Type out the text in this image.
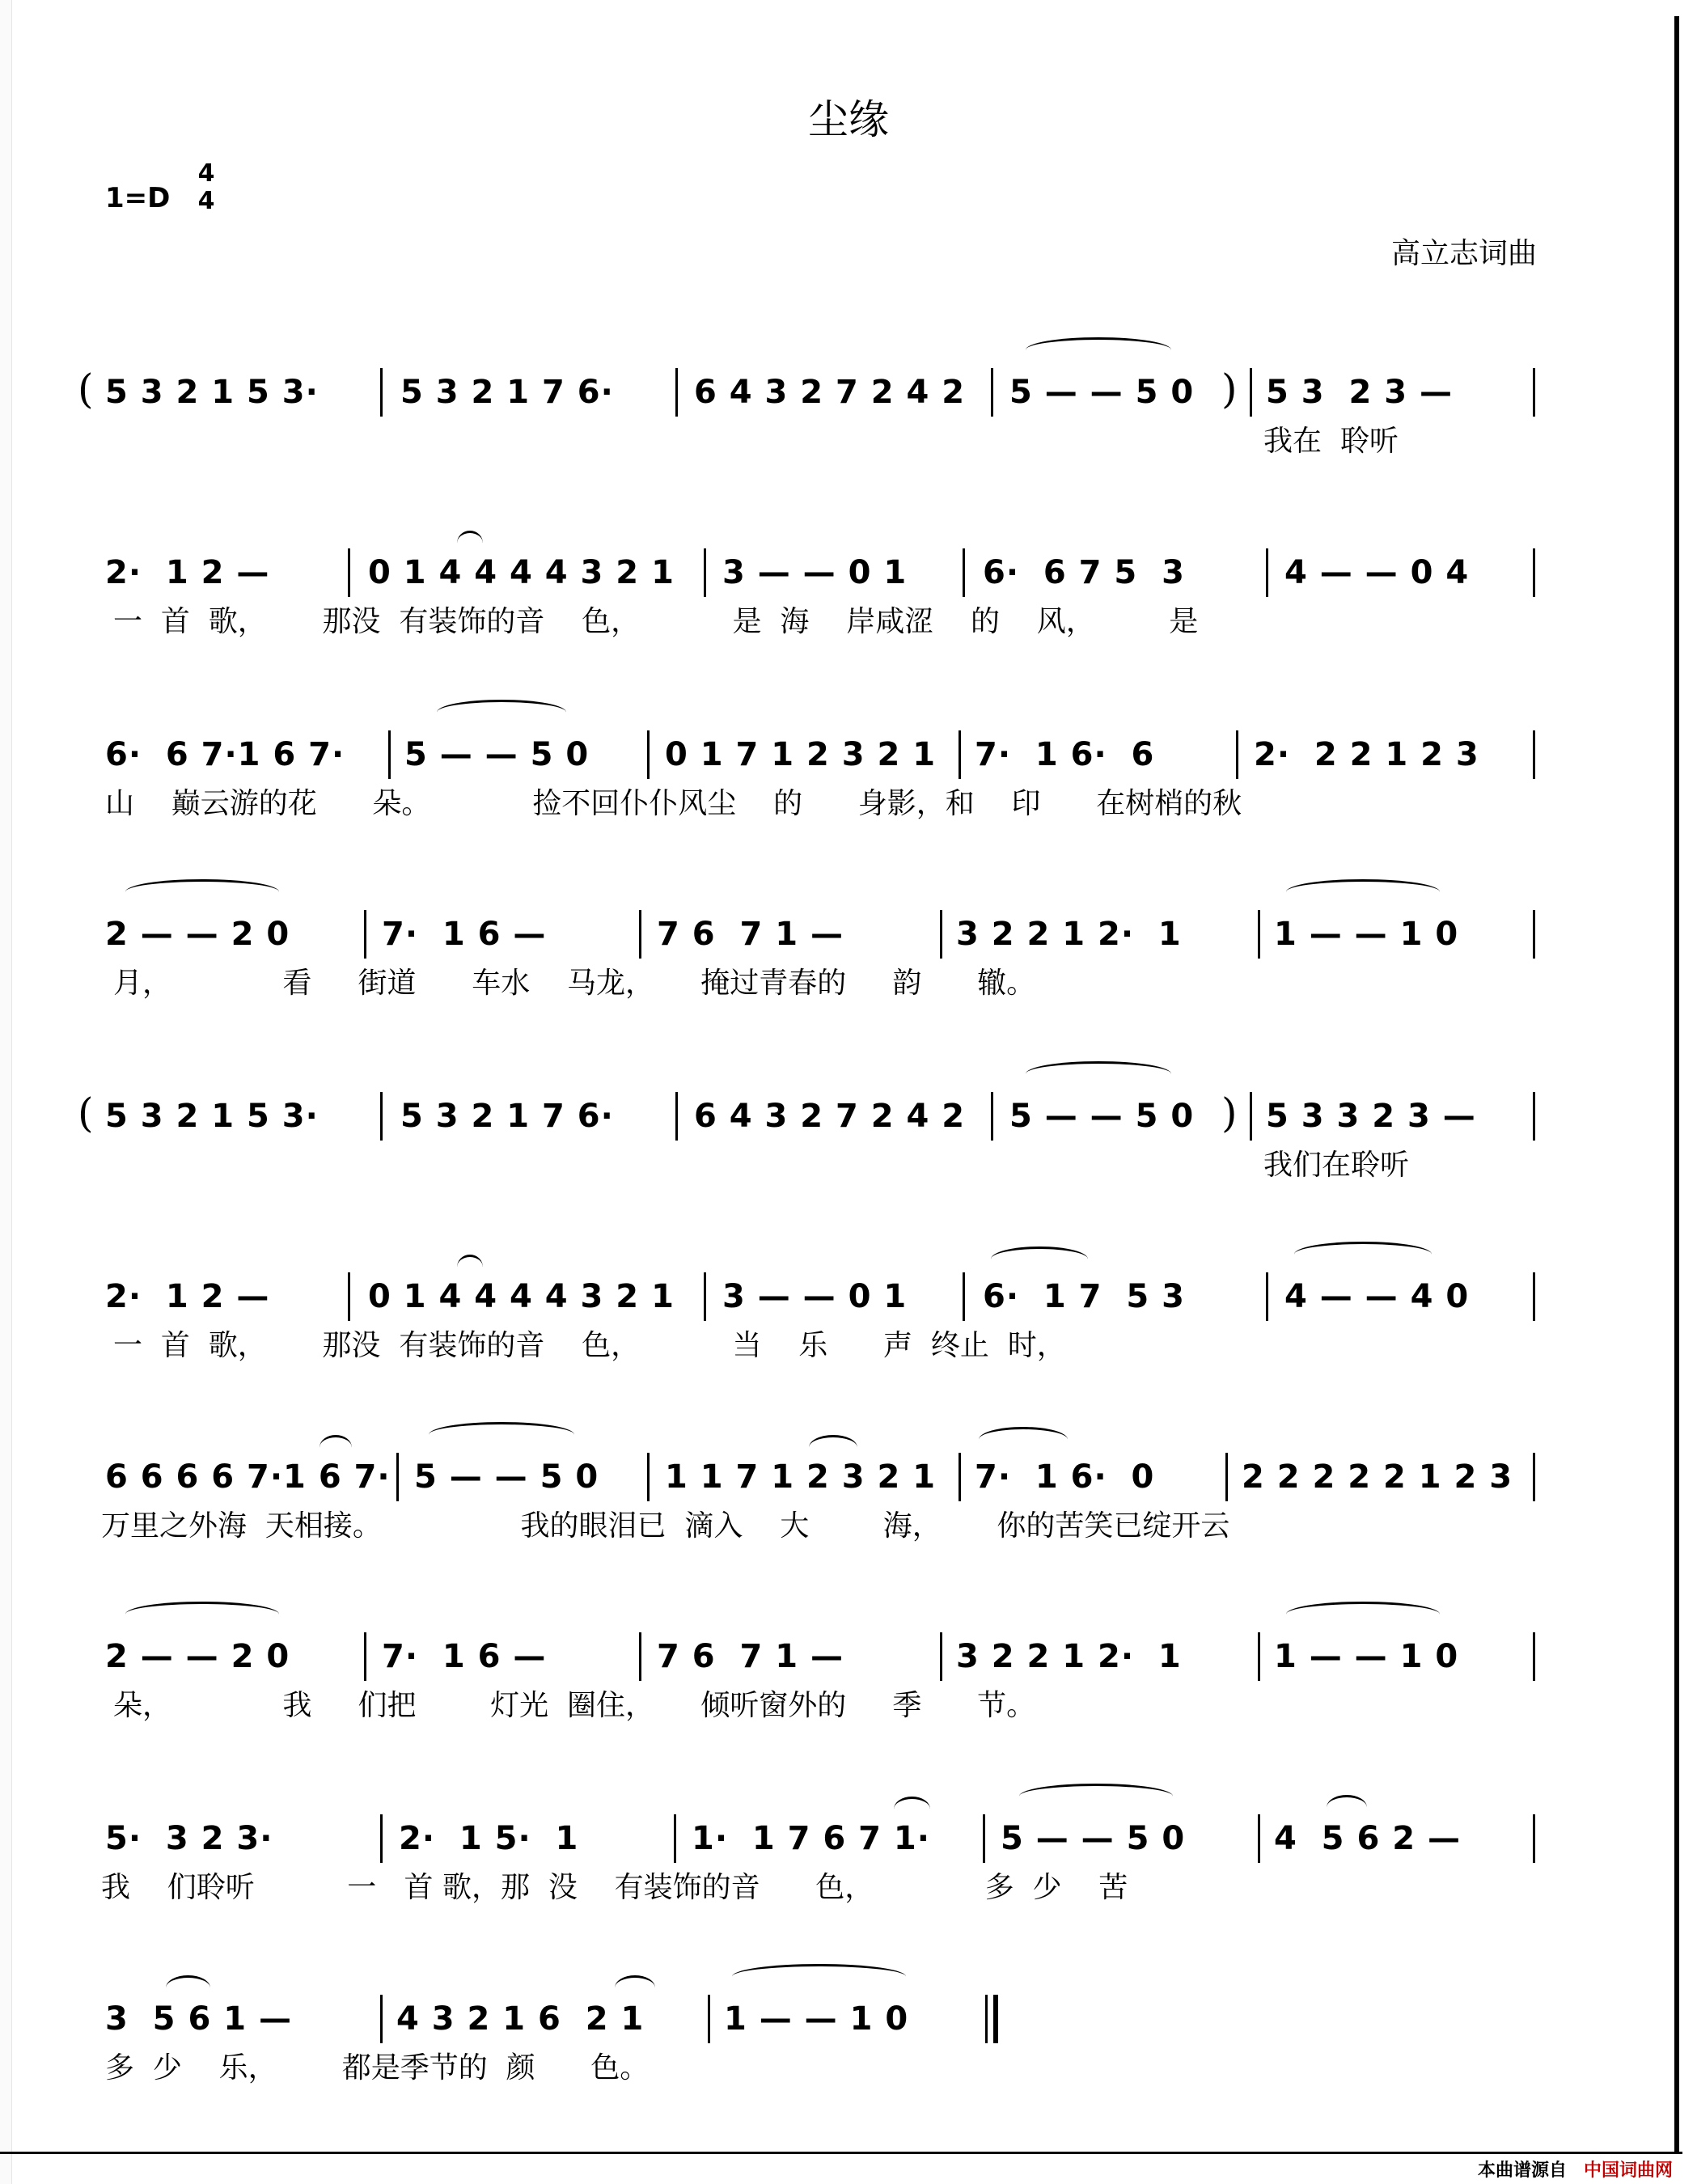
尘缘
1=D
4
4
高立志词曲
( 5 3 2 1 5 3·	5 3 2 1 7 6· 6 4 3 2 7 2 4 2 5 — — 5 0 ) 5 3  2 3 —
我在  聆听
2·  1 2 —	0 1 4 4 4 4 3 2 1 3 — — 0 1 6·  6 7 5  3	4 — — 0 4
一  首  歌，      那没  有装饰的音    色，          是  海    岸咸涩    的    风，        是
6·  6 7·1 6 7· 5 — — 5 0 0 1 7 1 2 3 2 1 7·  1 6·  6	2·  2 2 1 2 3
山    巅云游的花      朵。           捡不回仆仆风尘    的      身影，和    印      在树梢的秋
2 — — 2 0	7·  1 6 —	7 6  7 1 —	3 2 2 1 2·  1	1 — — 1 0
月，            看     街道      车水    马龙，     掩过青春的     韵      辙。
( 5 3 2 1 5 3·	5 3 2 1 7 6· 6 4 3 2 7 2 4 2 5 — — 5 0 ) 5 3 3 2 3 —
我们在聆听
2·  1 2 —	0 1 4 4 4 4 3 2 1 3 — — 0 1 6·  1 7  5 3	4 — — 4 0
一  首  歌，      那没  有装饰的音    色，          当    乐      声  终止  时，
6 6 6 6 7·1 6 7· 5 — — 5 0 1 1 7 1 2 3 2 1 7·  1 6·  0	2 2 2 2 2 1 2 3
万里之外海  天相接。               我的眼泪已  滴入    大        海，      你的苦笑已绽开云
2 — — 2 0	7·  1 6 —	7 6  7 1 —	3 2 2 1 2·  1	1 — — 1 0
朵，            我     们把        灯光  圈住，     倾听窗外的     季      节。
5·  3 2 3·	2·  1 5·  1	1·  1 7 6 7 1· 5 — — 5 0	4  5 6 2 —
我    们聆听          一   首 歌，那  没    有装饰的音      色，            多  少    苦
3  5 6 1 —	4 3 2 1 6  2 1 1 — — 1 0
多  少    乐，       都是季节的  颜      色。
本曲谱源自 中国词曲网
